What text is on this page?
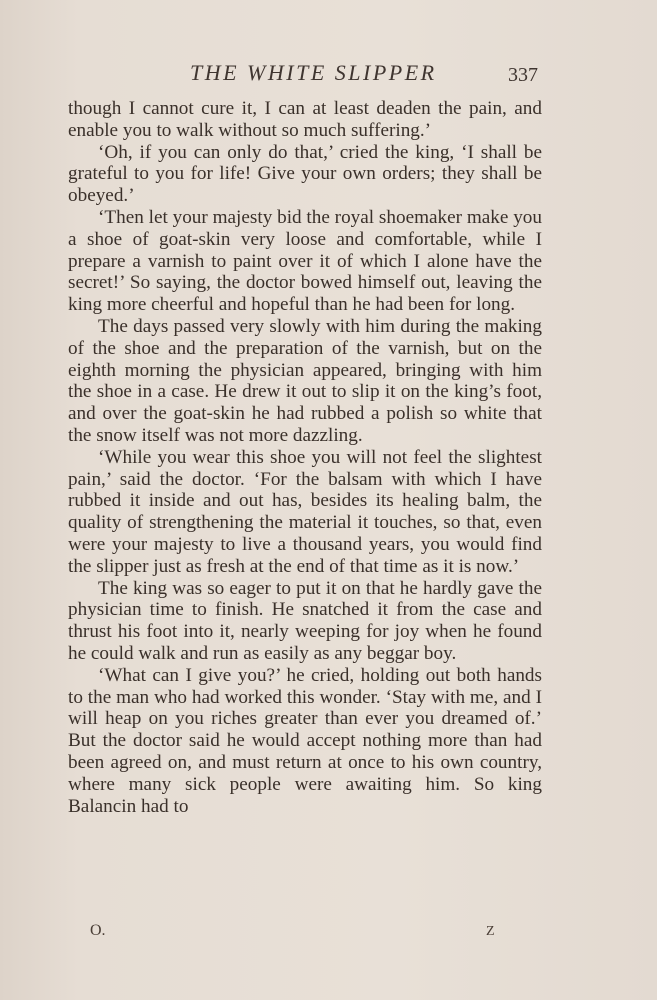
THE WHITE SLIPPER	337

though I cannot cure it, I can at least deaden the pain, and enable you to walk without so much suffering.’

‘Oh, if you can only do that,’ cried the king, ‘I shall be grateful to you for life! Give your own orders; they shall be obeyed.’

‘Then let your majesty bid the royal shoemaker make you a shoe of goat-skin very loose and comfortable, while I prepare a varnish to paint over it of which I alone have the secret!’ So saying, the doctor bowed himself out, leaving the king more cheerful and hopeful than he had been for long.

The days passed very slowly with him during the making of the shoe and the preparation of the varnish, but on the eighth morning the physician appeared, bringing with him the shoe in a case. He drew it out to slip it on the king’s foot, and over the goat-skin he had rubbed a polish so white that the snow itself was not more dazzling.

‘While you wear this shoe you will not feel the slightest pain,’ said the doctor. ‘For the balsam with which I have rubbed it inside and out has, besides its healing balm, the quality of strengthening the material it touches, so that, even were your majesty to live a thousand years, you would find the slipper just as fresh at the end of that time as it is now.’

The king was so eager to put it on that he hardly gave the physician time to finish. He snatched it from the case and thrust his foot into it, nearly weeping for joy when he found he could walk and run as easily as any beggar boy.

‘What can I give you?’ he cried, holding out both hands to the man who had worked this wonder. ‘Stay with me, and I will heap on you riches greater than ever you dreamed of.’ But the doctor said he would accept nothing more than had been agreed on, and must return at once to his own country, where many sick people were awaiting him. So king Balancin had to

O.	Z
